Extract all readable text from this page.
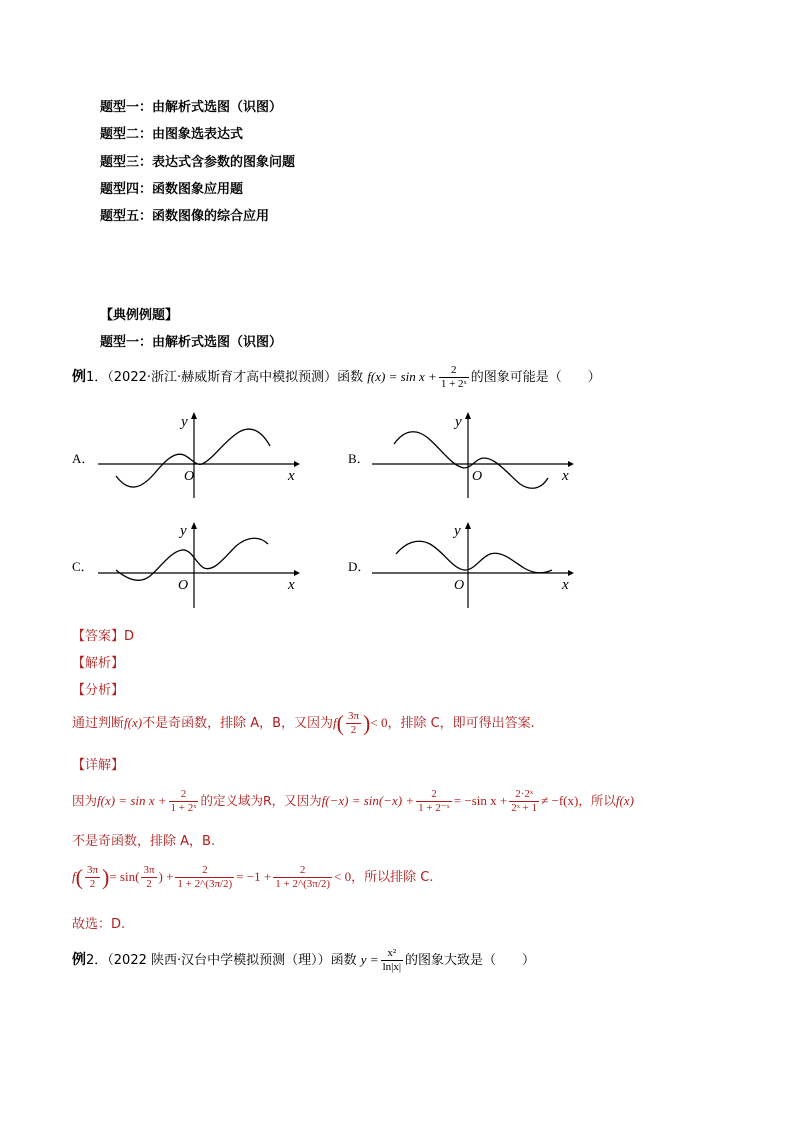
题型一：由解析式选图（识图）
题型二：由图象选表达式
题型三：表达式含参数的图象问题
题型四：函数图象应用题
题型五：函数图像的综合应用
【典例例题】
题型一：由解析式选图（识图）
例1．（2022·浙江·赫威斯育才高中模拟预测）函数 $f(x) = \sin x + \frac{2}{\text{1 + 2ˣ}}$ 的图象可能是（　　）
A．
O	x
y
B．
O	x
y
C．
O	x
y
D．
O	x
y
【答案】D
【解析】
【分析】
通过判断f(x)不是奇函数，排除 A，B，又因为$f( \frac{3\pi}{2}$ )< 0，排除 C，即可得出答案.
【详解】
因为$f(x) = \sin x + \frac{2}{\text{1 + 2ˣ}}$ 的定义域为R，又因为$f(-x) = \sin(-x) + \frac{2}{\text{1 + 2⁻ˣ}} = -\sin$ $x + \frac{\text{2·2ˣ}}{\text{2ˣ + 1}} \ne -f(x)$，所以f(x)
不是奇函数，排除 A，B.
$f( \frac{3\pi}{2}$ )= $\sin( \frac{3\pi}{2}$ ) + $\frac{2}{1 + 2\^{}(3\pi/2)} = -1 + \frac{2}{1 + 2\^{}(3\pi/2)} < 0$，所以排除 C.
故选：D.
例2．（2022 陕西·汉台中学模拟预测（理））函数 $y = \frac{\text{x²}}{\ln|x|}$ 的图象大致是（　　）
